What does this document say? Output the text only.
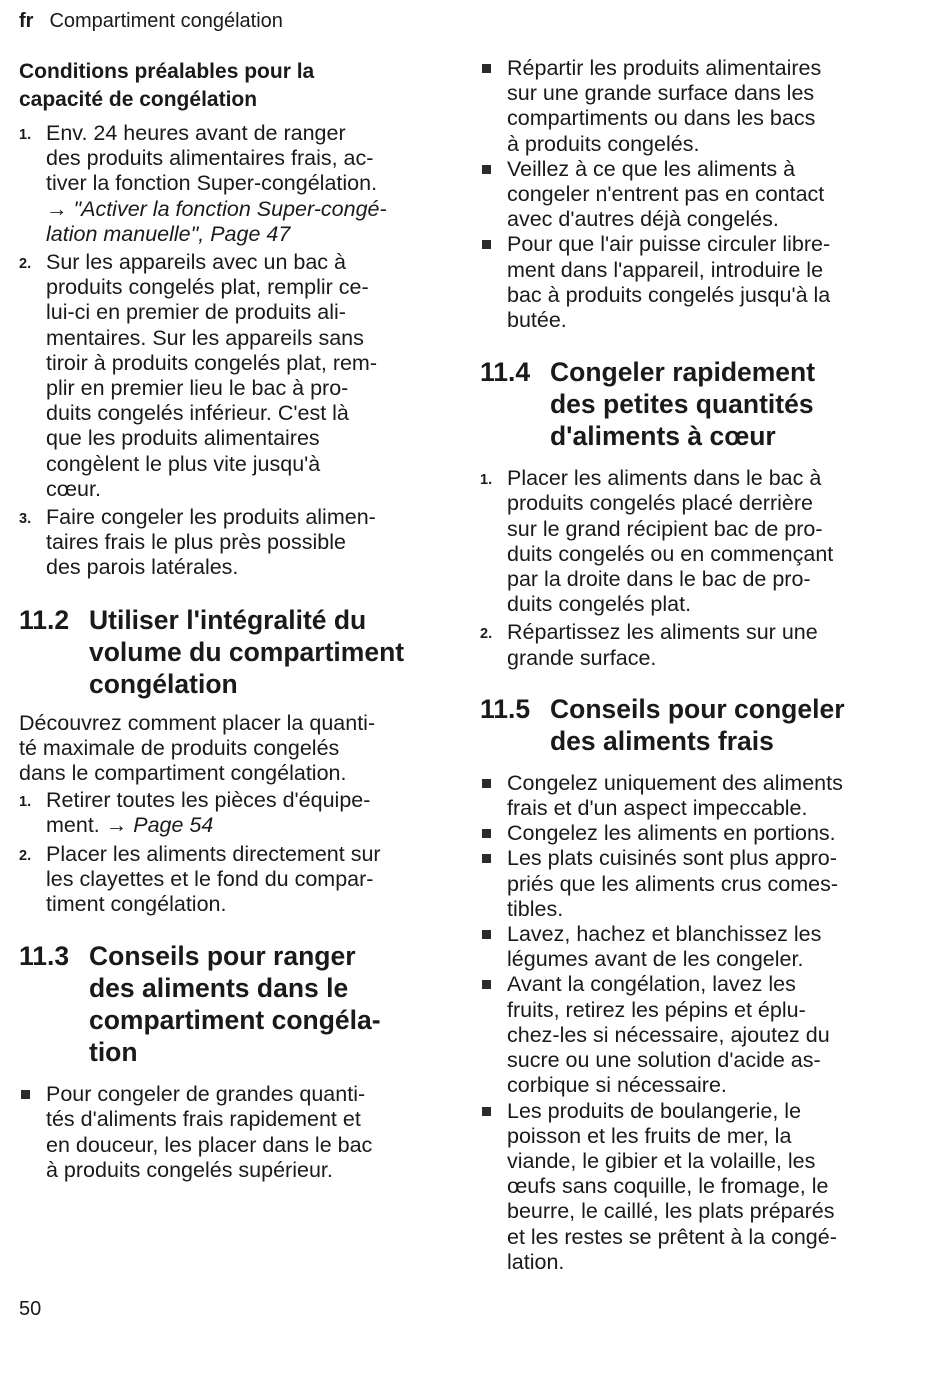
fr Compartiment congélation
Conditions préalables pour la
capacité de congélation
1. Env. 24 heures avant de ranger
des produits alimentaires frais, ac-
tiver la fonction Super-congélation.
→ "Activer la fonction Super-congé-
lation manuelle", Page 47
2. Sur les appareils avec un bac à
produits congelés plat, remplir ce-
lui-ci en premier de produits ali-
mentaires. Sur les appareils sans
tiroir à produits congelés plat, rem-
plir en premier lieu le bac à pro-
duits congelés inférieur. C'est là
que les produits alimentaires
congèlent le plus vite jusqu'à
cœur.
3. Faire congeler les produits alimen-
taires frais le plus près possible
des parois latérales.
11.2 Utiliser l'intégralité du
volume du compartiment
congélation
Découvrez comment placer la quanti-
té maximale de produits congelés
dans le compartiment congélation.
1. Retirer toutes les pièces d'équipe-
ment. → Page 54
2. Placer les aliments directement sur
les clayettes et le fond du compar-
timent congélation.
11.3 Conseils pour ranger
des aliments dans le
compartiment congéla-
tion
Pour congeler de grandes quanti-
tés d'aliments frais rapidement et
en douceur, les placer dans le bac
à produits congelés supérieur.
Répartir les produits alimentaires
sur une grande surface dans les
compartiments ou dans les bacs
à produits congelés.
Veillez à ce que les aliments à
congeler n'entrent pas en contact
avec d'autres déjà congelés.
Pour que l'air puisse circuler libre-
ment dans l'appareil, introduire le
bac à produits congelés jusqu'à la
butée.
11.4 Congeler rapidement
des petites quantités
d'aliments à cœur
1. Placer les aliments dans le bac à
produits congelés placé derrière
sur le grand récipient bac de pro-
duits congelés ou en commençant
par la droite dans le bac de pro-
duits congelés plat.
2. Répartissez les aliments sur une
grande surface.
11.5 Conseils pour congeler
des aliments frais
Congelez uniquement des aliments
frais et d'un aspect impeccable.
Congelez les aliments en portions.
Les plats cuisinés sont plus appro-
priés que les aliments crus comes-
tibles.
Lavez, hachez et blanchissez les
légumes avant de les congeler.
Avant la congélation, lavez les
fruits, retirez les pépins et éplu-
chez-les si nécessaire, ajoutez du
sucre ou une solution d'acide as-
corbique si nécessaire.
Les produits de boulangerie, le
poisson et les fruits de mer, la
viande, le gibier et la volaille, les
œufs sans coquille, le fromage, le
beurre, le caillé, les plats préparés
et les restes se prêtent à la congé-
lation.
50
